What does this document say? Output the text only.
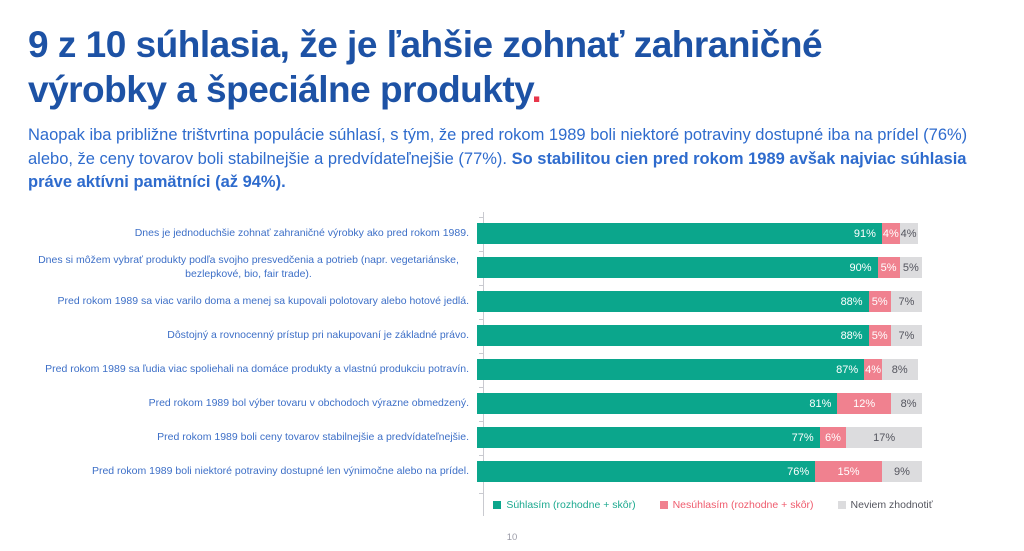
9 z 10 súhlasia, že je ľahšie zohnať zahraničné
výrobky a špeciálne produkty.

Naopak iba približne trištvrtina populácie súhlasí, s tým, že pred rokom 1989 boli niektoré potraviny dostupné iba na prídel (76%) alebo, že ceny tovarov boli stabilnejšie a predvídateľnejšie (77%). So stabilitou cien pred rokom 1989 avšak najviac súhlasia práve aktívni pamätníci (až 94%).

Dnes je jednoduchšie zohnať zahraničné výrobky ako pred rokom 1989.	91% 4% 4%
Dnes si môžem vybrať produkty podľa svojho presvedčenia a potrieb (napr. vegetariánske, bezlepkové, bio, fair trade).	90% 5% 5%
Pred rokom 1989 sa viac varilo doma a menej sa kupovali polotovary alebo hotové jedlá.	88% 5% 7%
Dôstojný a rovnocenný prístup pri nakupovaní je základné právo.	88% 5% 7%
Pred rokom 1989 sa ľudia viac spoliehali na domáce produkty a vlastnú produkciu potravín.	87% 4% 8%
Pred rokom 1989 bol výber tovaru v obchodoch výrazne obmedzený.	81%	12% 8%
Pred rokom 1989 boli ceny tovarov stabilnejšie a predvídateľnejšie.	77%	6%	17%
Pred rokom 1989 boli niektoré potraviny dostupné len výnimočne alebo na prídel.	76%	15%	9%
Súhlasím (rozhodne + skôr)	Nesúhlasím (rozhodne + skôr)	Neviem zhodnotiť
10
